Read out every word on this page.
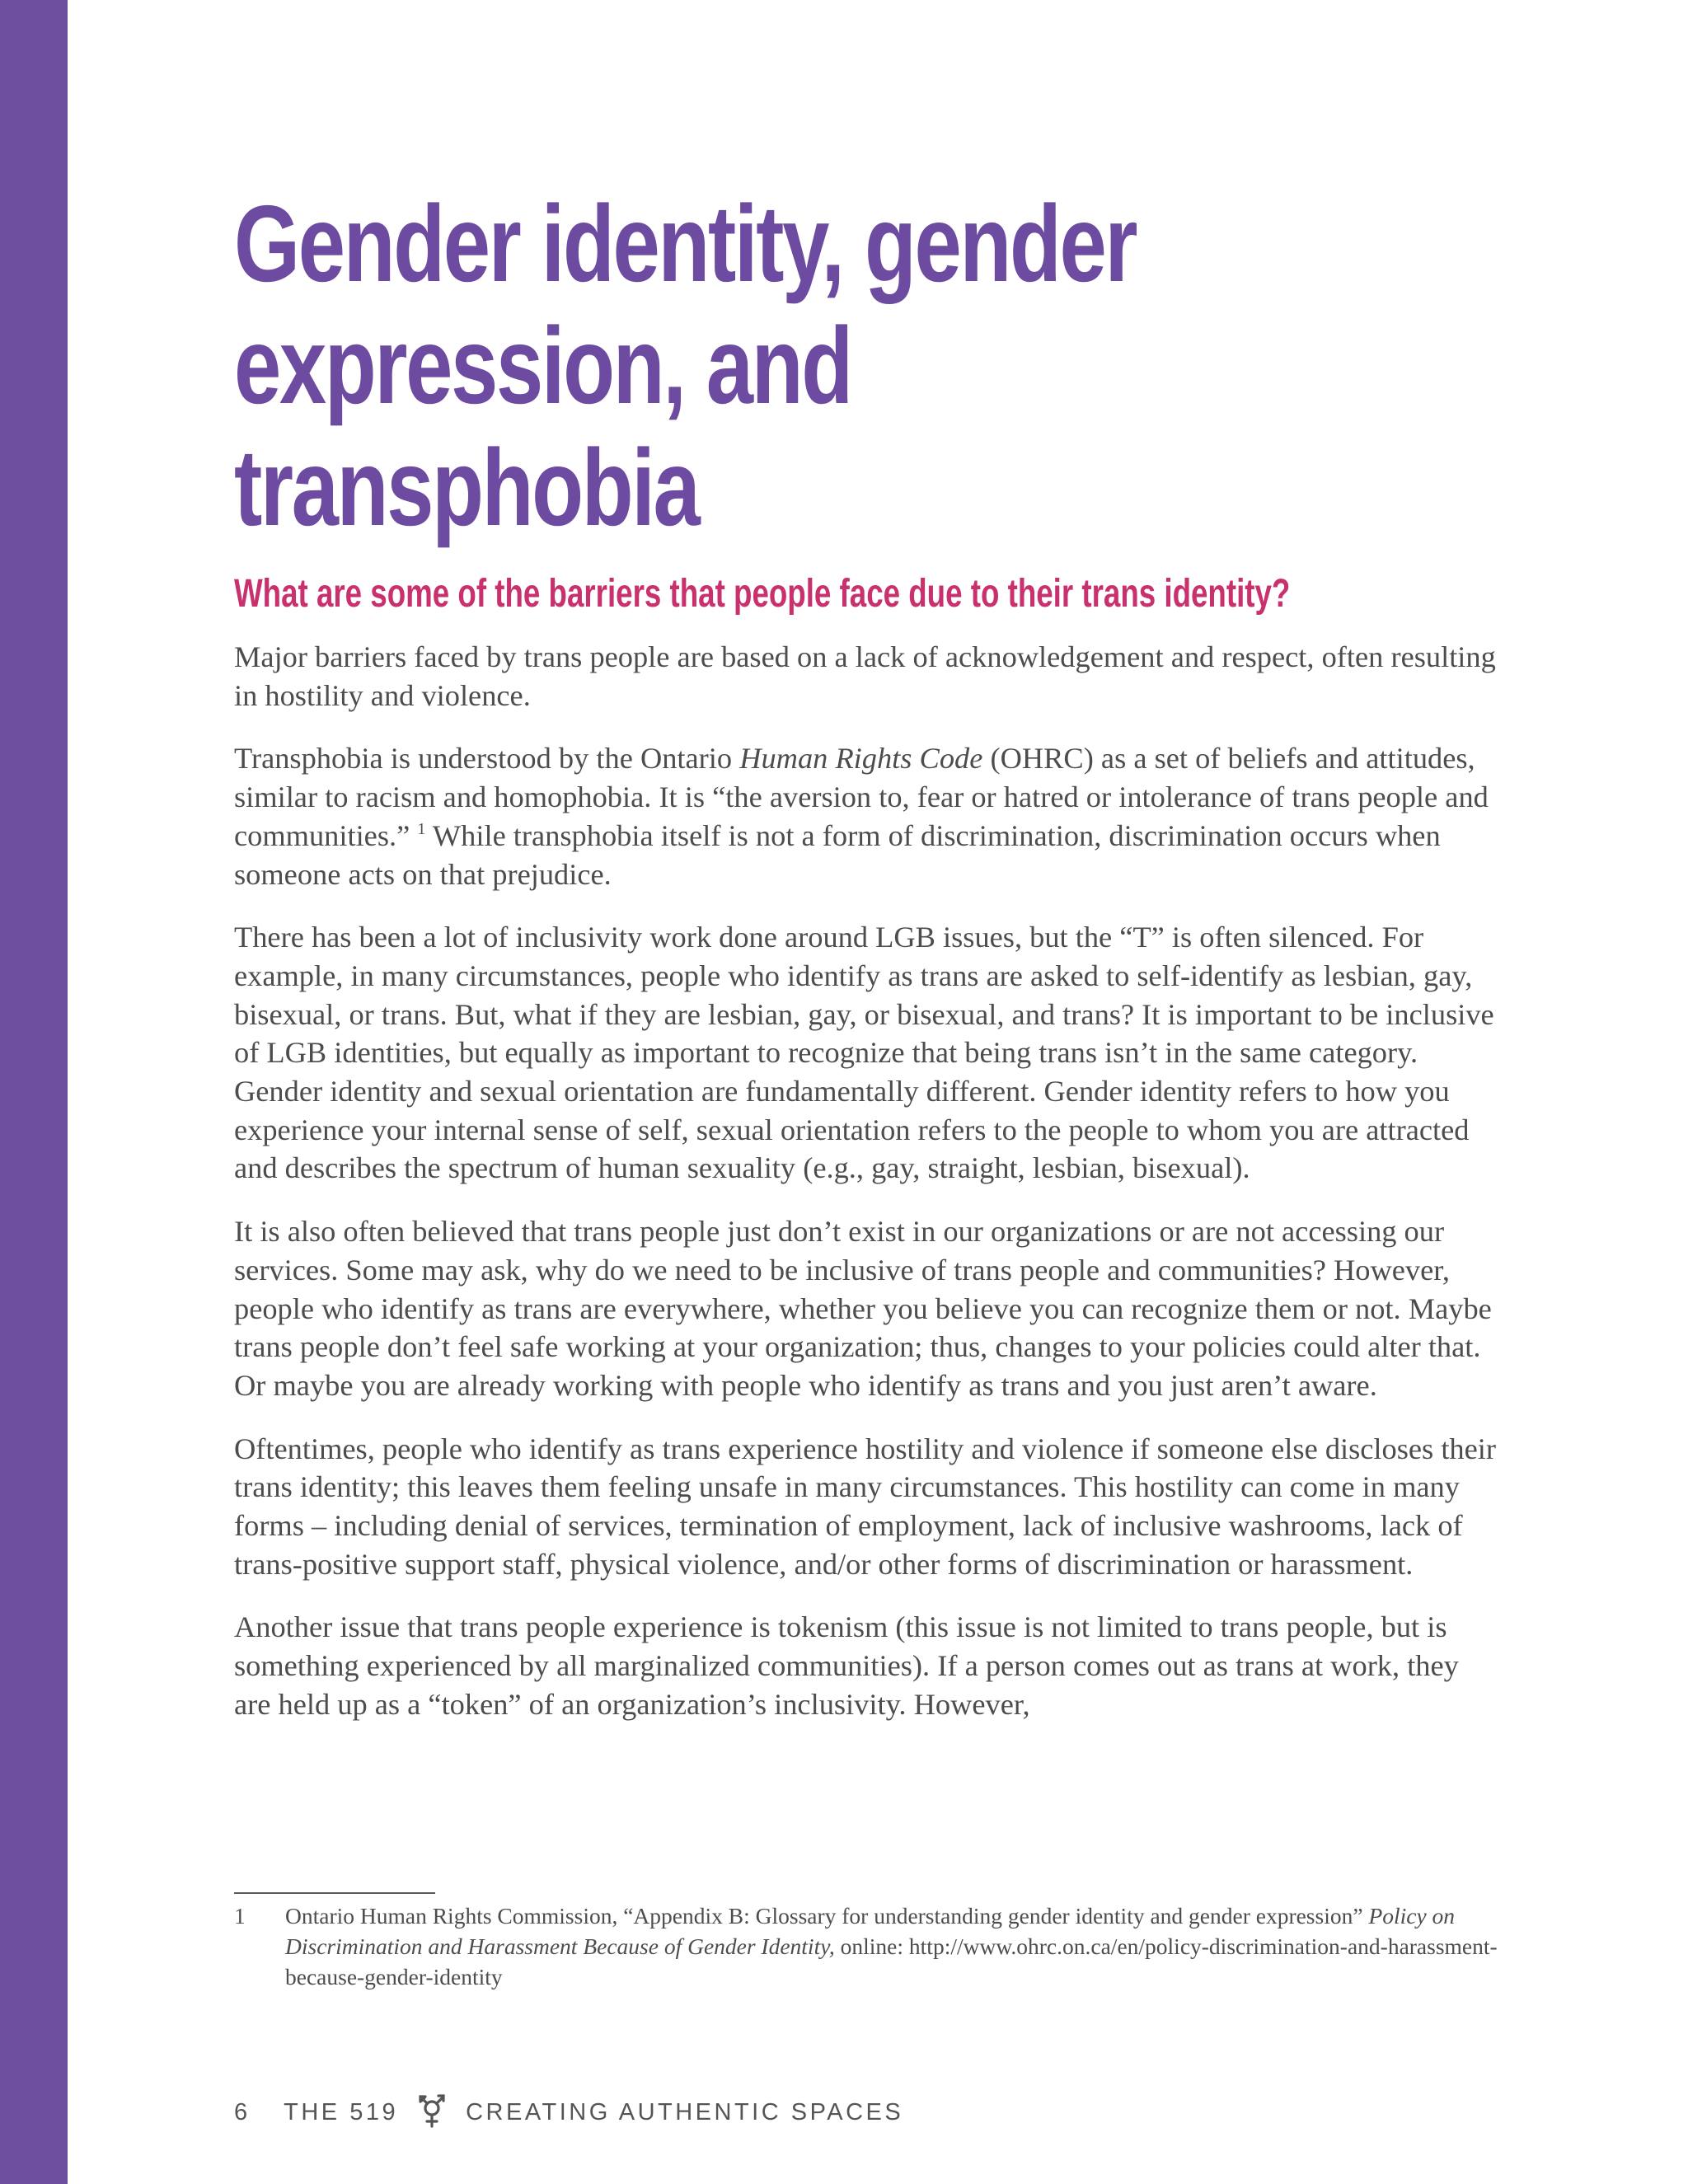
Gender identity, gender expression, and transphobia
What are some of the barriers that people face due to their trans identity?

Major barriers faced by trans people are based on a lack of acknowledgement and respect, often resulting in hostility and violence.

Transphobia is understood by the Ontario Human Rights Code (OHRC) as a set of beliefs and attitudes, similar to racism and homophobia. It is “the aversion to, fear or hatred or intolerance of trans people and communities.” $^1$ While transphobia itself is not a form of discrimination, discrimination occurs when someone acts on that prejudice.

There has been a lot of inclusivity work done around LGB issues, but the “T” is often silenced. For example, in many circumstances, people who identify as trans are asked to self-identify as lesbian, gay, bisexual, or trans. But, what if they are lesbian, gay, or bisexual, and trans? It is important to be inclusive of LGB identities, but equally as important to recognize that being trans isn’t in the same category. Gender identity and sexual orientation are fundamentally different. Gender identity refers to how you experience your internal sense of self, sexual orientation refers to the people to whom you are attracted and describes the spectrum of human sexuality (e.g., gay, straight, lesbian, bisexual).

It is also often believed that trans people just don’t exist in our organizations or are not accessing our services. Some may ask, why do we need to be inclusive of trans people and communities? However, people who identify as trans are everywhere, whether you believe you can recognize them or not. Maybe trans people don’t feel safe working at your organization; thus, changes to your policies could alter that. Or maybe you are already working with people who identify as trans and you just aren’t aware.

Oftentimes, people who identify as trans experience hostility and violence if someone else discloses their trans identity; this leaves them feeling unsafe in many circumstances. This hostility can come in many forms – including denial of services, termination of employment, lack of inclusive washrooms, lack of trans-positive support staff, physical violence, and/or other forms of discrimination or harassment.

Another issue that trans people experience is tokenism (this issue is not limited to trans people, but is something experienced by all marginalized communities). If a person comes out as trans at work, they are held up as a “token” of an organization’s inclusivity. However,

1 Ontario Human Rights Commission, “Appendix B: Glossary for understanding gender identity and gender expression” Policy on Discrimination and Harassment Because of Gender Identity, online: http://www.ohrc.on.ca/en/policy-discrimination-and-harassment-because-gender-identity
6 THE 519	CREATING AUTHENTIC SPACES
